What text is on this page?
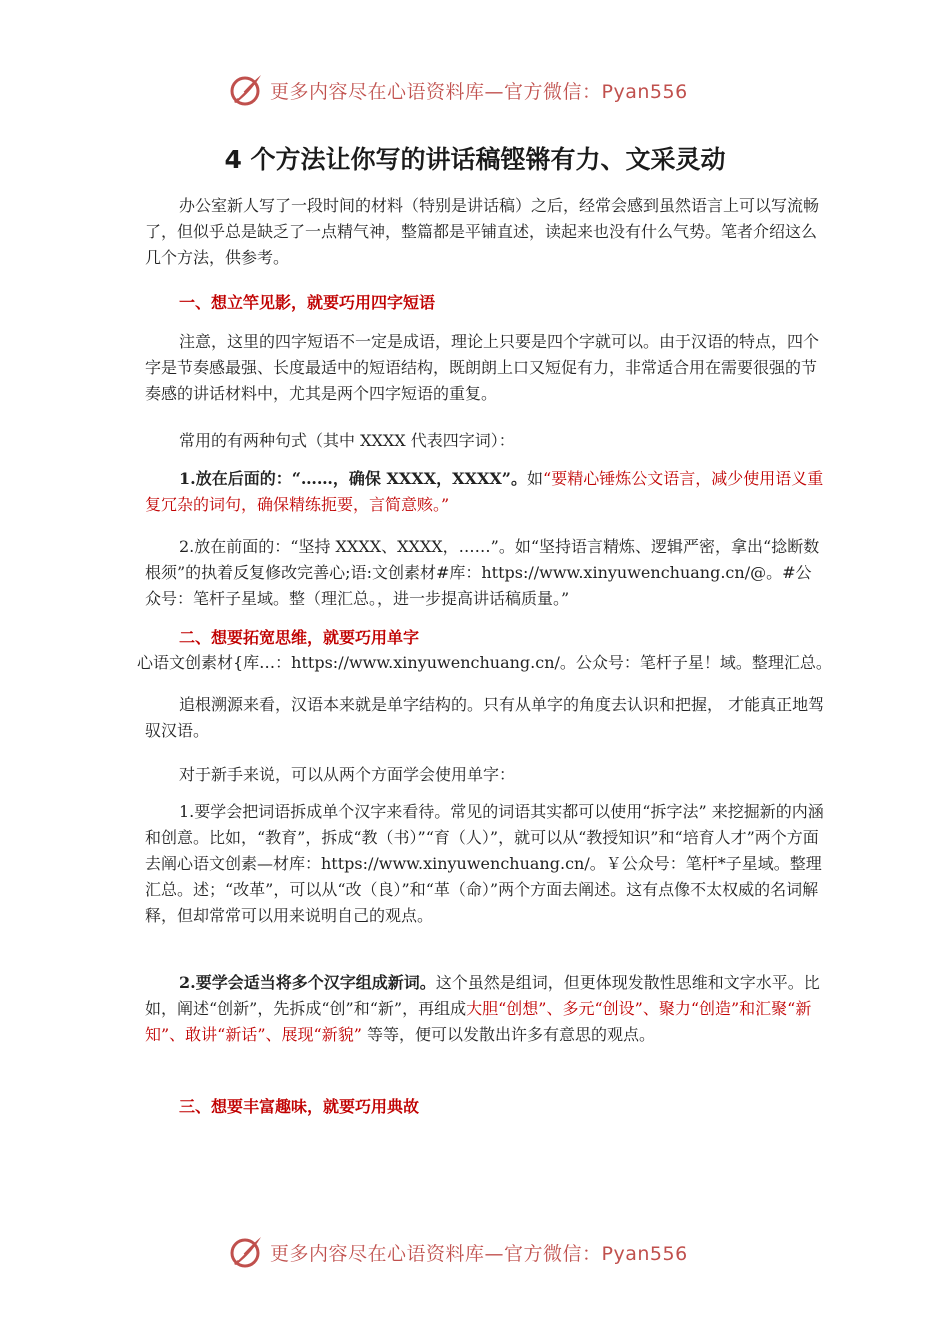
更多内容尽在心语资料库—官方微信：Pyan556
4 个方法让你写的讲话稿铿锵有力、文采灵动
办公室新人写了一段时间的材料（特别是讲话稿）之后，经常会感到虽然语言上可以写流畅了，但似乎总是缺乏了一点精气神，整篇都是平铺直述，读起来也没有什么气势。笔者介绍这么几个方法，供参考。
一、想立竿见影，就要巧用四字短语
注意，这里的四字短语不一定是成语，理论上只要是四个字就可以。由于汉语的特点，四个字是节奏感最强、长度最适中的短语结构，既朗朗上口又短促有力，非常适合用在需要很强的节奏感的讲话材料中，尤其是两个四字短语的重复。
常用的有两种句式（其中 XXXX 代表四字词）：
1.放在后面的：“……，确保 XXXX，XXXX”。如“要精心锤炼公文语言，减少使用语义重复冗杂的词句，确保精练扼要，言简意赅。”
2.放在前面的：“坚持 XXXX、XXXX，……”。如“坚持语言精炼、逻辑严密，拿出“捻断数根须”的执着反复修改完善心;语:文创素材#库：https://www.xinyuwenchuang.cn/@。#公众号：笔杆子星域。整（理汇总。，进一步提高讲话稿质量。”
二、想要拓宽思维，就要巧用单字
心语文创素材{库…：https://www.xinyuwenchuang.cn/。公众号：笔杆子星！域。整理汇总。
追根溯源来看，汉语本来就是单字结构的。只有从单字的角度去认识和把握， 才能真正地驾驭汉语。
对于新手来说，可以从两个方面学会使用单字：
1.要学会把词语拆成单个汉字来看待。常见的词语其实都可以使用“拆字法” 来挖掘新的内涵和创意。比如，“教育”，拆成“教（书）”“育（人）”，就可以从“教授知识”和“培育人才”两个方面去阐心语文创素—材库：https://www.xinyuwenchuang.cn/。￥公众号：笔杆*子星域。整理汇总。述；“改革”，可以从“改（良）”和“革（命）”两个方面去阐述。这有点像不太权威的名词解释，但却常常可以用来说明自己的观点。
2.要学会适当将多个汉字组成新词。这个虽然是组词，但更体现发散性思维和文字水平。比如，阐述“创新”，先拆成“创”和“新”，再组成大胆“创想”、多元“创设”、聚力“创造”和汇聚“新知”、敢讲“新话”、展现“新貌” 等等，便可以发散出许多有意思的观点。
三、想要丰富趣味，就要巧用典故
更多内容尽在心语资料库—官方微信：Pyan556
